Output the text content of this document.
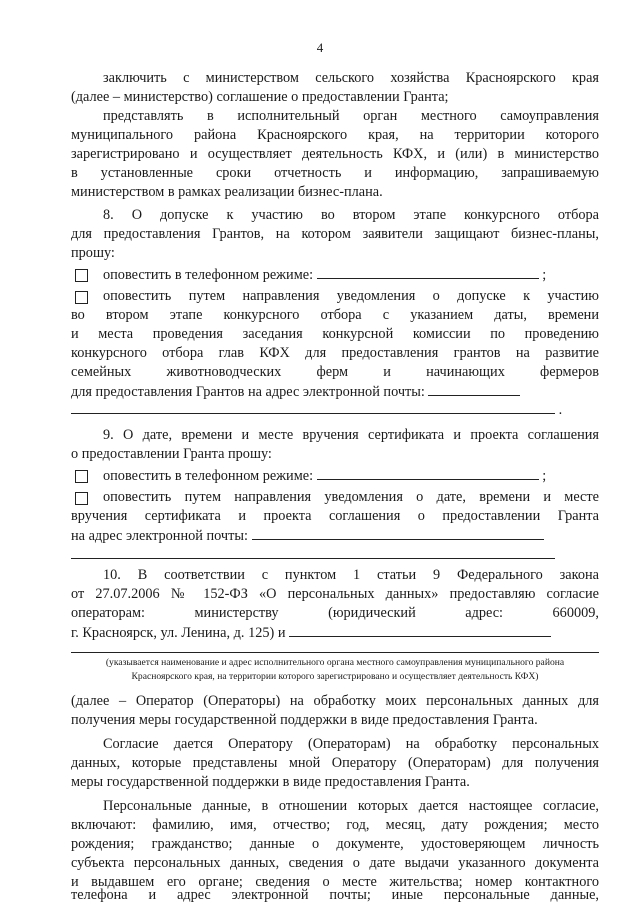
4
заключить с министерством сельского хозяйства Красноярского края
(далее – министерство) соглашение о предоставлении Гранта;
представлять в исполнительный орган местного самоуправления
муниципального района Красноярского края, на территории которого
зарегистрировано и осуществляет деятельность КФХ, и (или) в министерство
в установленные сроки отчетность и информацию, запрашиваемую
министерством в рамках реализации бизнес-плана.
8. О допуске к участию во втором этапе конкурсного отбора
для предоставления Грантов, на котором заявители защищают бизнес-планы,
прошу:
оповестить в телефонном режиме:	;
оповестить путем направления уведомления о допуске к участию
во втором этапе конкурсного отбора с указанием даты, времени
и места проведения заседания конкурсной комиссии по проведению
конкурсного отбора глав КФХ для предоставления грантов на развитие
семейных животноводческих ферм и начинающих фермеров
для предоставления Грантов на адрес электронной почты:
.
9. О дате, времени и месте вручения сертификата и проекта соглашения
о предоставлении Гранта прошу:
оповестить в телефонном режиме:	;
оповестить путем направления уведомления о дате, времени и месте
вручения сертификата и проекта соглашения о предоставлении Гранта
на адрес электронной почты:
10. В соответствии с пунктом 1 статьи 9 Федерального закона
от 27.07.2006 № 152-ФЗ «О персональных данных» предоставляю согласие
операторам: министерству (юридический адрес: 660009,
г. Красноярск, ул. Ленина, д. 125) и
(указывается наименование и адрес исполнительного органа местного самоуправления муниципального района
Красноярского края, на территории которого зарегистрировано и осуществляет деятельность КФХ)
(далее – Оператор (Операторы) на обработку моих персональных данных для
получения меры государственной поддержки в виде предоставления Гранта.
Согласие дается Оператору (Операторам) на обработку персональных
данных, которые представлены мной Оператору (Операторам) для получения
меры государственной поддержки в виде предоставления Гранта.
Персональные данные, в отношении которых дается настоящее согласие,
включают: фамилию, имя, отчество; год, месяц, дату рождения; место
рождения; гражданство; данные о документе, удостоверяющем личность
субъекта персональных данных, сведения о дате выдачи указанного документа
и выдавшем его органе; сведения о месте жительства; номер контактного
телефона и адрес электронной почты; иные персональные данные,
